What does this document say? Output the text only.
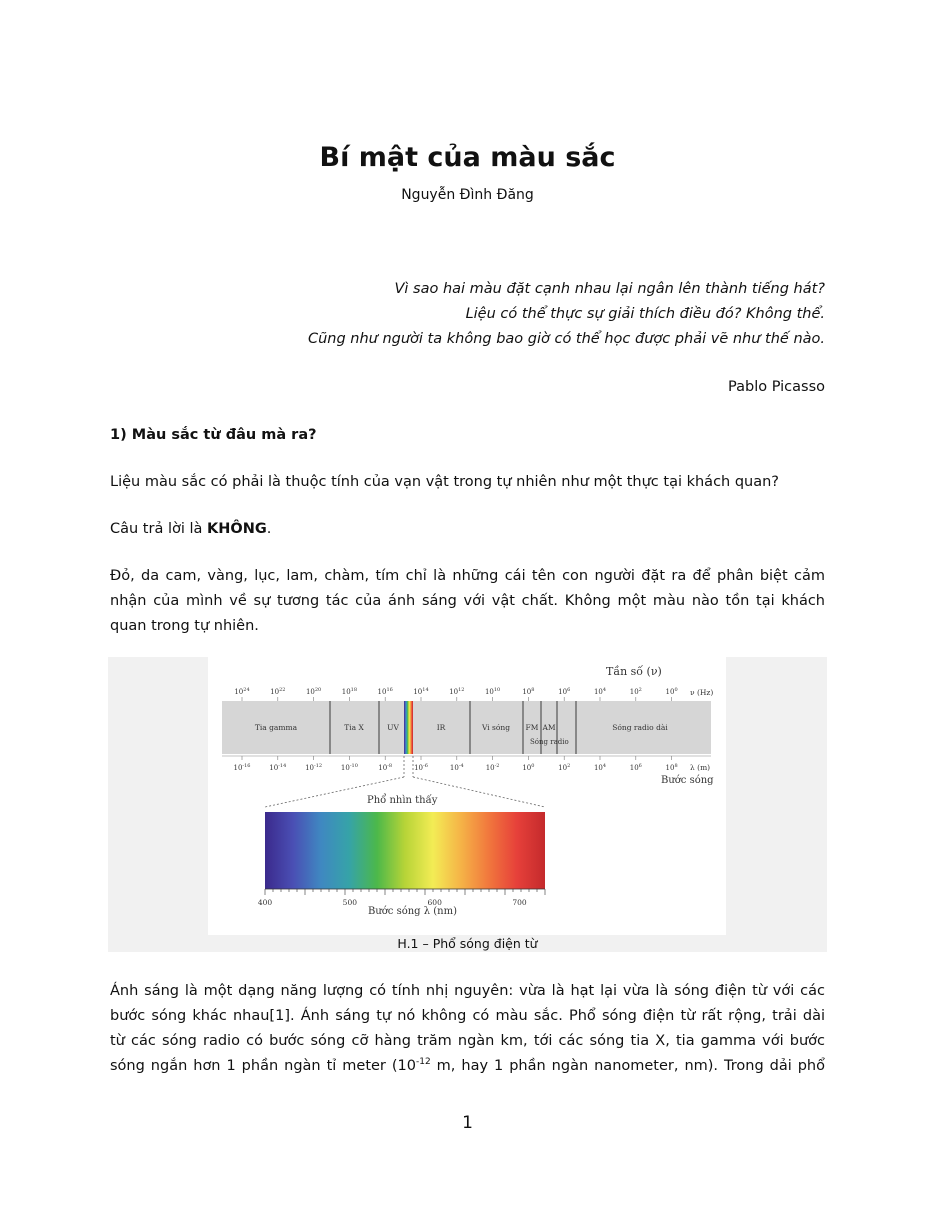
Bí mật của màu sắc
Nguyễn Đình Đăng
Vì sao hai màu đặt cạnh nhau lại ngân lên thành tiếng hát?
Liệu có thể thực sự giải thích điều đó? Không thể.
Cũng như người ta không bao giờ có thể học được phải vẽ như thế nào.
Pablo Picasso
1) Màu sắc từ đâu mà ra?
Liệu màu sắc có phải là thuộc tính của vạn vật trong tự nhiên như một thực tại khách quan?
Câu trả lời là KHÔNG.
Đỏ, da cam, vàng, lục, lam, chàm, tím chỉ là những cái tên con người đặt ra để phân biệt cảm
nhận của mình về sự tương tác của ánh sáng với vật chất. Không một màu nào tồn tại khách
quan trong tự nhiên.
Tần số (ν)
$10^{24}$	$10^{22}$	$10^{20}$	$10^{18}$	$10^{16}$	$10^{14}$	$10^{12}$	$10^{10}$	$10^8$	$10^6$	$10^4$	$10^2$	$10^0$ ν (Hz)
Tia gamma	Tia X	UV	IR	Vi sóng FM AM	Sóng radio dài
Sóng radio
$10^{-16}$	$10^{-14}$	$10^{-12}$	$10^{-10}$	$10^{-8}$	$10^{-6}$	$10^{-4}$	$10^{-2}$	$10^0$	$10^2$	$10^4$	$10^6$	$10^8$ λ (m)
Bước sóng
Phổ nhìn thấy
400	500	600	700
Bước sóng λ (nm)
H.1 – Phổ sóng điện từ
Ánh sáng là một dạng năng lượng có tính nhị nguyên: vừa là hạt lại vừa là sóng điện từ với các
bước sóng khác nhau[1]. Ánh sáng tự nó không có màu sắc. Phổ sóng điện từ rất rộng, trải dài
từ các sóng radio có bước sóng cỡ hàng trăm ngàn km, tới các sóng tia X, tia gamma với bước
sóng ngắn hơn 1 phần ngàn tỉ meter ($10^{-12}$ m, hay 1 phần ngàn nanometer, nm). Trong dải phổ
1
